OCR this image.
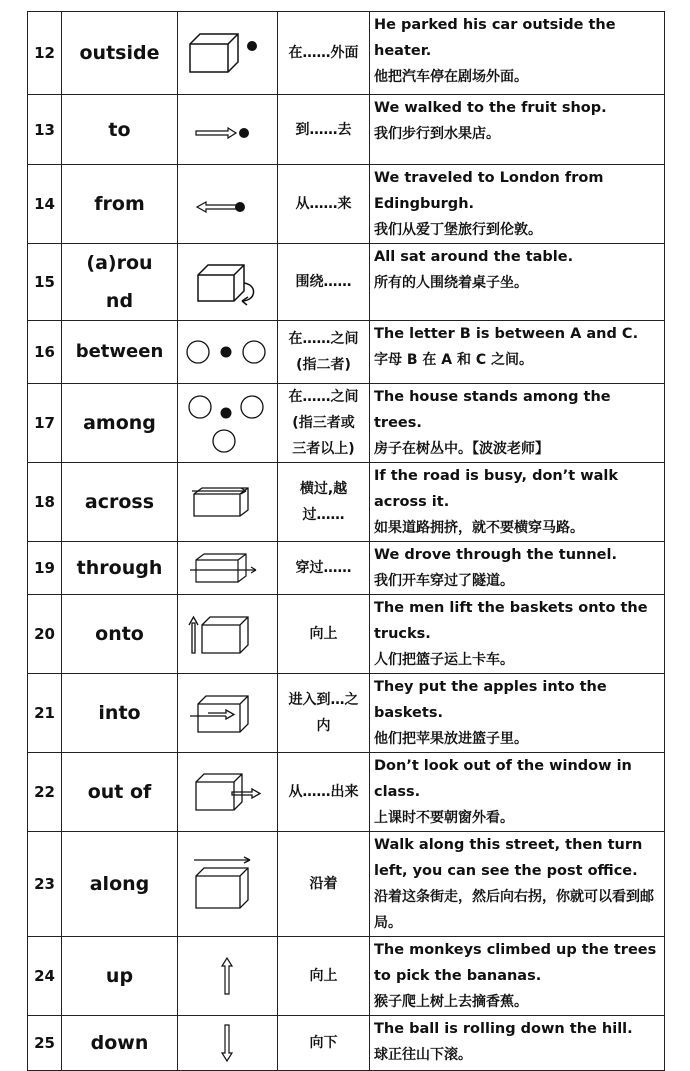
12	outside		在……外面	He parked his car outside the heater.
他把汽车停在剧场外面。

13	to		到……去	We walked to the fruit shop.
我们步行到水果店。

14	from		从……来	We traveled to London from Edingburgh.
我们从爱丁堡旅行到伦敦。

15	(a)round		围绕……	All sat around the table.
所有的人围绕着桌子坐。

16	between		在……之间(指二者)	The letter B is between A and C.
字母 B 在 A 和 C 之间。

17	among		在……之间(指三者或三者以上)	The house stands among the trees.
房子在树丛中。【波波老师】

18	across		横过,越过……	If the road is busy, don’t walk across it.
如果道路拥挤，就不要横穿马路。

19	through		穿过……	We drove through the tunnel.
我们开车穿过了隧道。

20	onto		向上	The men lift the baskets onto the trucks.
人们把篮子运上卡车。

21	into		进入到…之内	They put the apples into the baskets.
他们把苹果放进篮子里。

22	out of		从……出来	Don’t look out of the window in class.
上课时不要朝窗外看。

23	along		沿着	Walk along this street, then turn left, you can see the post office.
沿着这条街走，然后向右拐，你就可以看到邮局。

24	up		向上	The monkeys climbed up the trees to pick the bananas.
猴子爬上树上去摘香蕉。

25	down		向下	The ball is rolling down the hill.
球正往山下滚。
